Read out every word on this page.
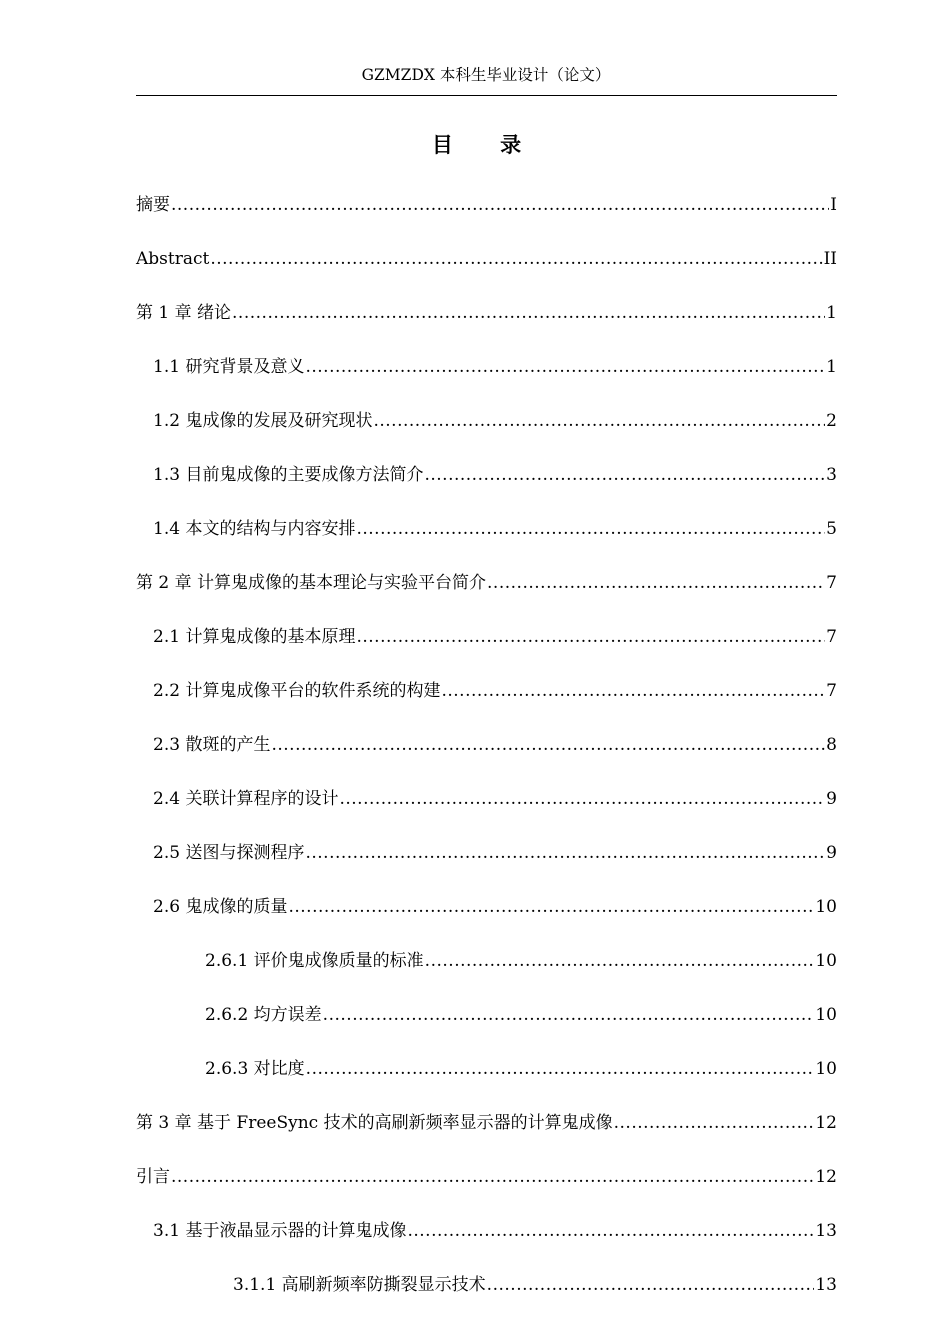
GZMZDX 本科生毕业设计（论文）
目 录
摘要 .....	I
Abstract .....	II
第 1 章 绪论 .....	1
1.1 研究背景及意义 .....	1
1.2 鬼成像的发展及研究现状 .....	2
1.3 目前鬼成像的主要成像方法简介 .....	3
1.4 本文的结构与内容安排 .....	5
第 2 章 计算鬼成像的基本理论与实验平台简介 .....	7
2.1 计算鬼成像的基本原理 .....	7
2.2 计算鬼成像平台的软件系统的构建 .....	7
2.3 散斑的产生 .....	8
2.4 关联计算程序的设计 .....	9
2.5 送图与探测程序 .....	9
2.6 鬼成像的质量 .....	10
2.6.1 评价鬼成像质量的标准 .....	10
2.6.2 均方误差 .....	10
2.6.3 对比度 .....	10
第 3 章 基于 FreeSync 技术的高刷新频率显示器的计算鬼成像 .....	12
引言 .....	12
3.1 基于液晶显示器的计算鬼成像 .....	13
3.1.1 高刷新频率防撕裂显示技术 .....	13
